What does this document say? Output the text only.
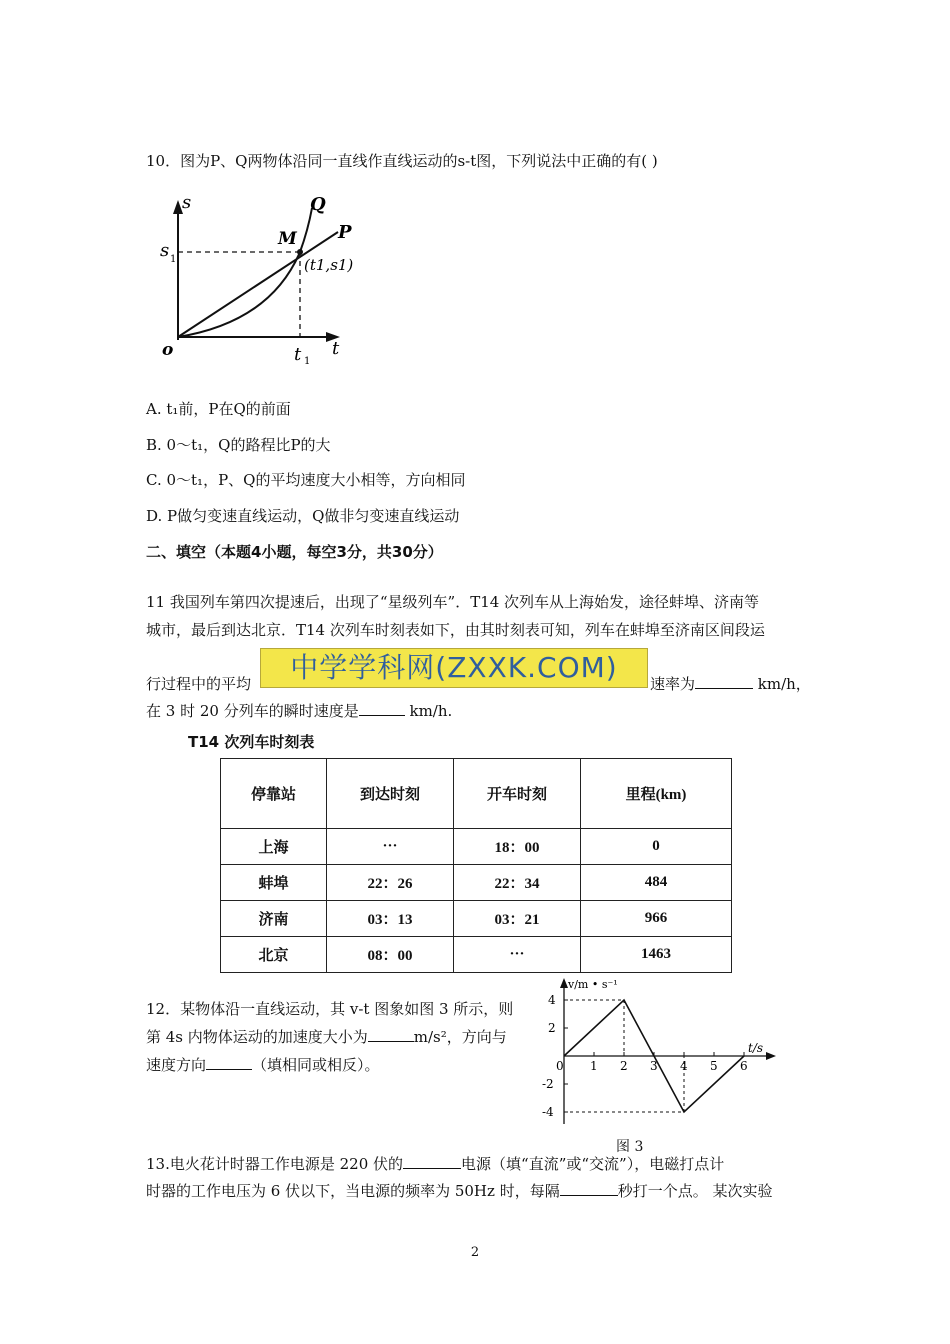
10．图为P、Q两物体沿同一直线作直线运动的s-t图，下列说法中正确的有( )
s
t
o
Q
P
M
s 1
t 1
(t1,s1)
A. t₁前，P在Q的前面
B. 0～t₁，Q的路程比P的大
C. 0～t₁，P、Q的平均速度大小相等，方向相同
D. P做匀变速直线运动，Q做非匀变速直线运动
二、填空（本题4小题，每空3分，共30分）
11 我国列车第四次提速后，出现了“星级列车”．T14 次列车从上海始发，途径蚌埠、济南等
城市，最后到达北京．T14 次列车时刻表如下，由其时刻表可知，列车在蚌埠至济南区间段运
行过程中的平均	速率为	km/h，
在 3 时 20 分列车的瞬时速度是	km/h.
中学学科网(ZXXK.COM)
T14 次列车时刻表
停靠站	到达时刻	开车时刻	里程(km)
上海	···	18：00	0
蚌埠	22：26	22：34	484
济南	03：13	03：21	966
北京	08：00	···	1463
12．某物体沿一直线运动，其 v-t 图象如图 3 所示，则
第 4s 内物体运动的加速度大小为	m/s²，方向与
速度方向	（填相同或相反）。
v/m • s⁻¹
t/s
0 1 2 3 4 5 6
4
2
-2
-4
图 3
13.电火花计时器工作电源是 220 伏的	电源（填“直流”或“交流”），电磁打点计
时器的工作电压为 6 伏以下，当电源的频率为 50Hz 时，每隔	秒打一个点。 某次实验
2
